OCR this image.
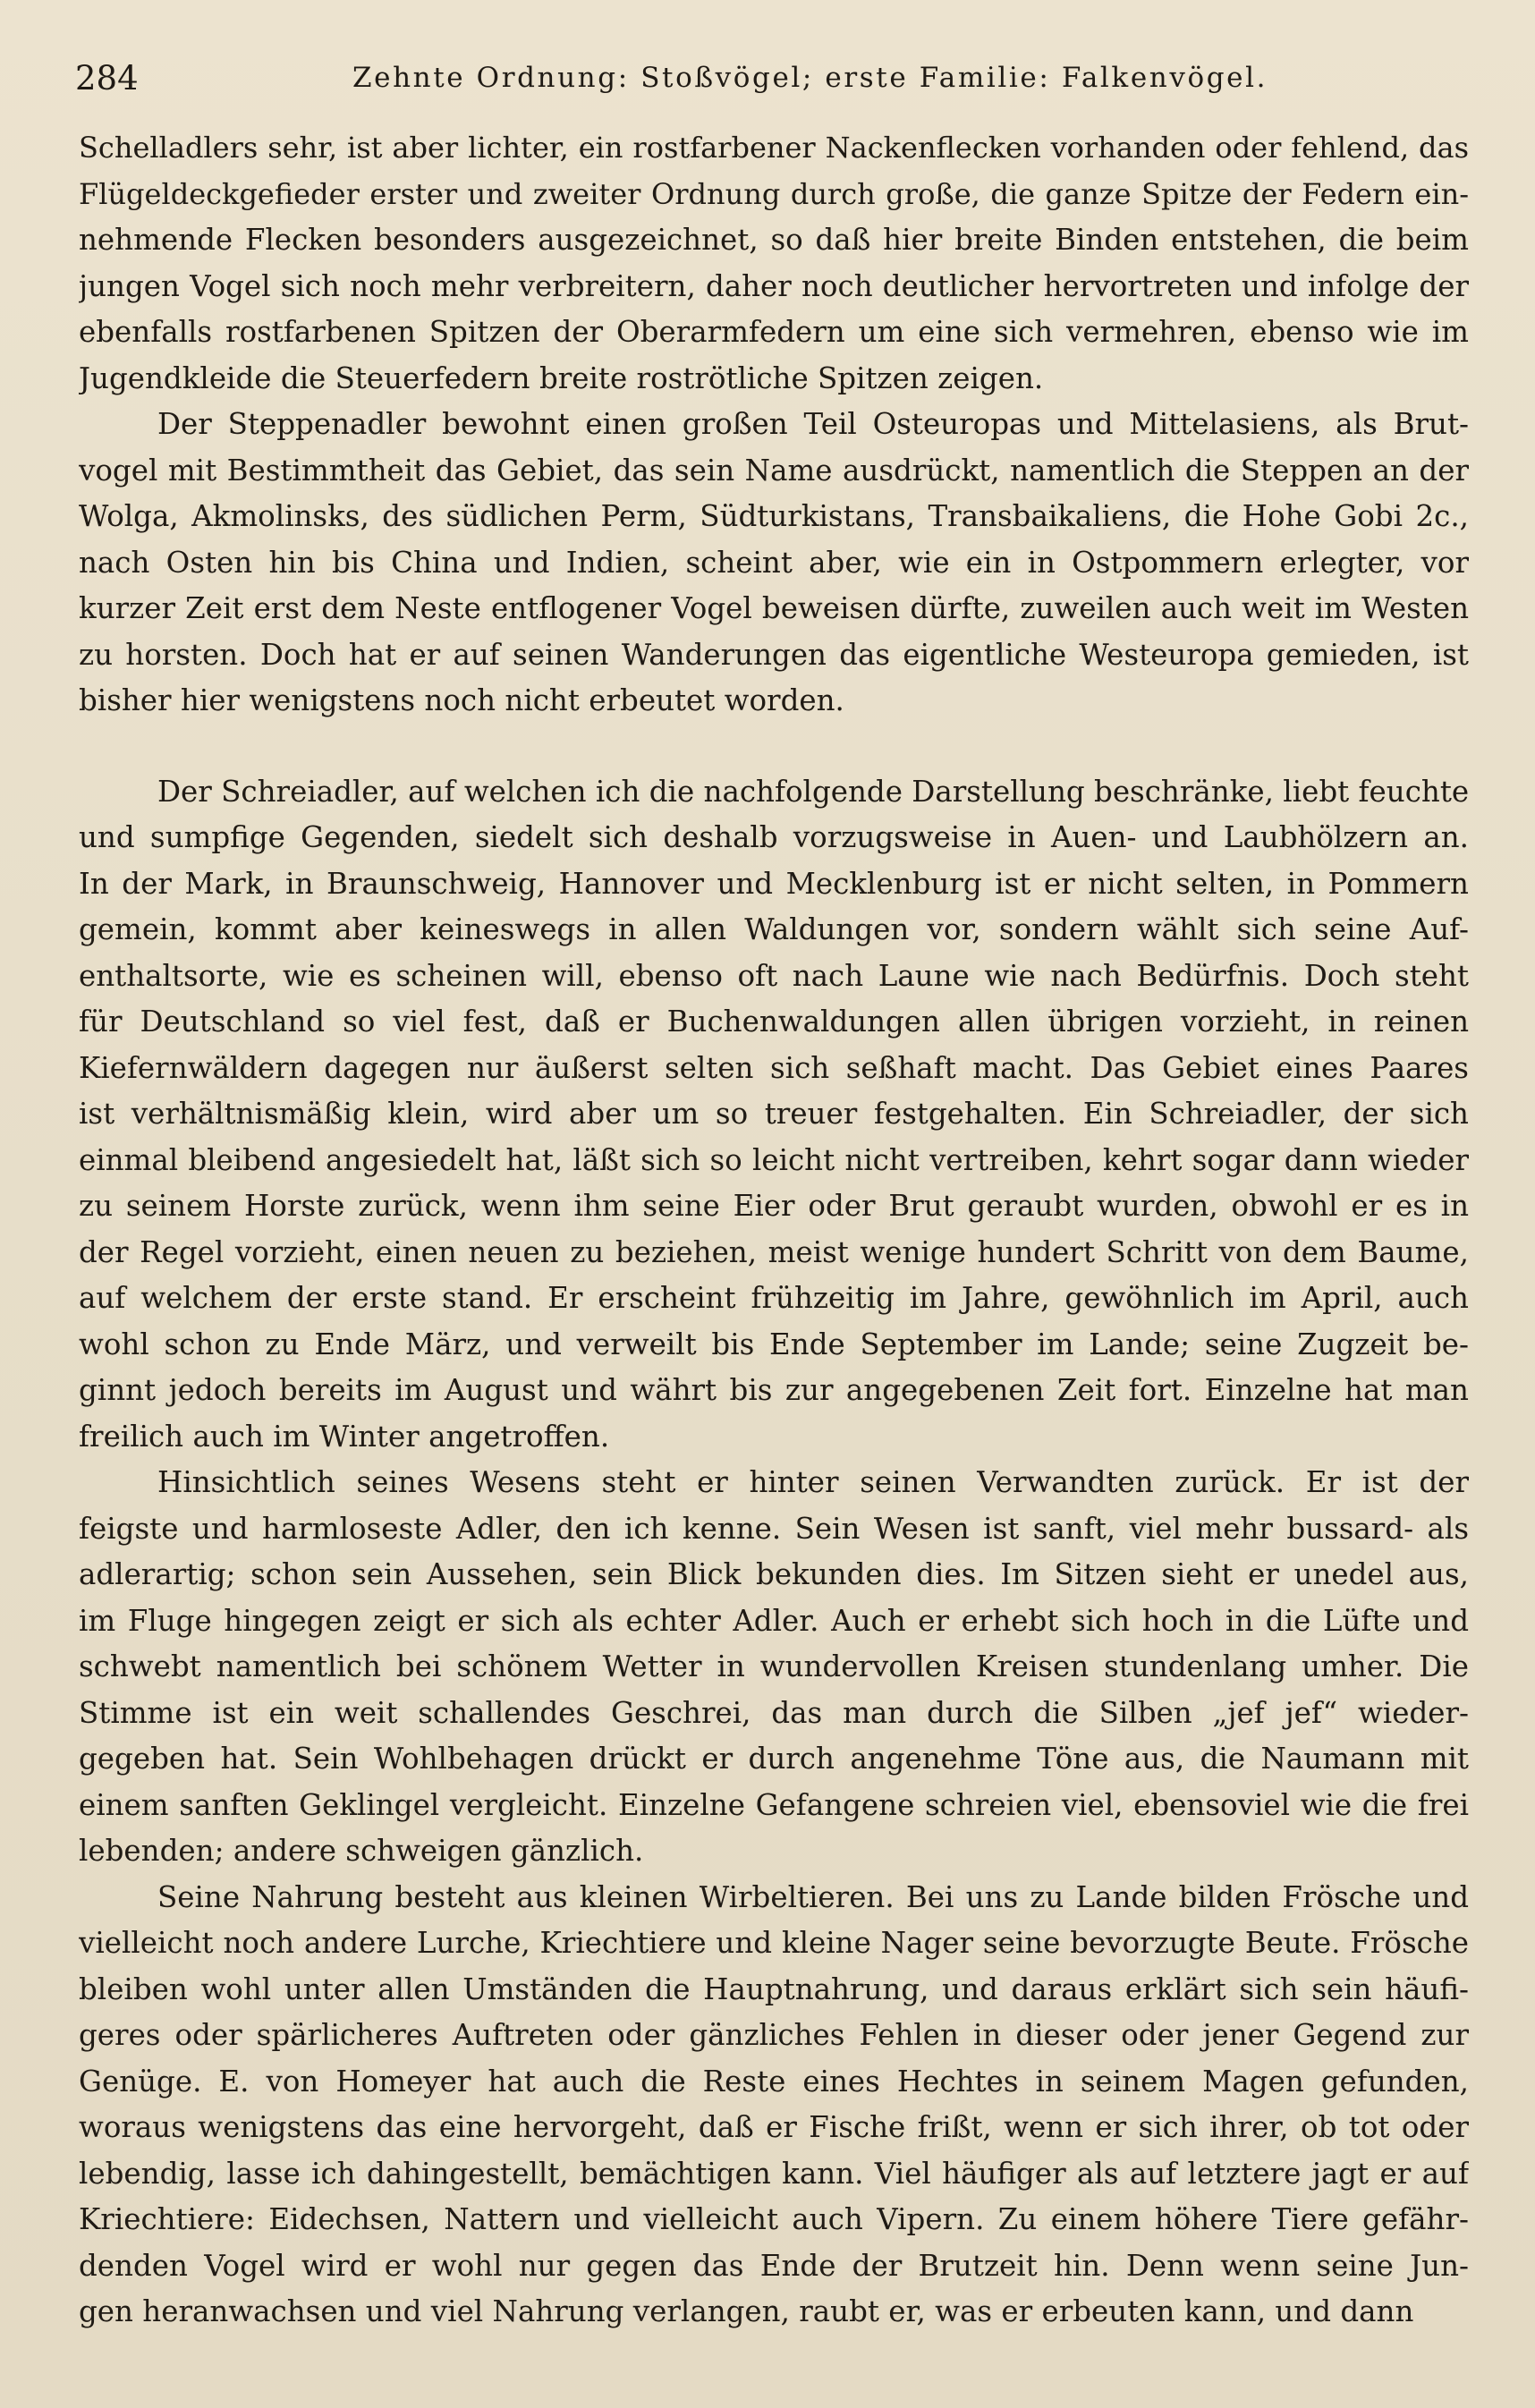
284	Zehnte Ordnung: Stoßvögel; erste Familie: Falkenvögel.
Schelladlers sehr, ist aber lichter, ein rostfarbener Nackenflecken vorhanden oder fehlend, das
Flügeldeckgefieder erster und zweiter Ordnung durch große, die ganze Spitze der Federn ein-
nehmende Flecken besonders ausgezeichnet, so daß hier breite Binden entstehen, die beim
jungen Vogel sich noch mehr verbreitern, daher noch deutlicher hervortreten und infolge der
ebenfalls rostfarbenen Spitzen der Oberarmfedern um eine sich vermehren, ebenso wie im
Jugendkleide die Steuerfedern breite roströtliche Spitzen zeigen.
Der Steppenadler bewohnt einen großen Teil Osteuropas und Mittelasiens, als Brut-
vogel mit Bestimmtheit das Gebiet, das sein Name ausdrückt, namentlich die Steppen an der
Wolga, Akmolinsks, des südlichen Perm, Südturkistans, Transbaikaliens, die Hohe Gobi 2c.,
nach Osten hin bis China und Indien, scheint aber, wie ein in Ostpommern erlegter, vor
kurzer Zeit erst dem Neste entflogener Vogel beweisen dürfte, zuweilen auch weit im Westen
zu horsten. Doch hat er auf seinen Wanderungen das eigentliche Westeuropa gemieden, ist
bisher hier wenigstens noch nicht erbeutet worden.
Der Schreiadler, auf welchen ich die nachfolgende Darstellung beschränke, liebt feuchte
und sumpfige Gegenden, siedelt sich deshalb vorzugsweise in Auen- und Laubhölzern an.
In der Mark, in Braunschweig, Hannover und Mecklenburg ist er nicht selten, in Pommern
gemein, kommt aber keineswegs in allen Waldungen vor, sondern wählt sich seine Auf-
enthaltsorte, wie es scheinen will, ebenso oft nach Laune wie nach Bedürfnis. Doch steht
für Deutschland so viel fest, daß er Buchenwaldungen allen übrigen vorzieht, in reinen
Kiefernwäldern dagegen nur äußerst selten sich seßhaft macht. Das Gebiet eines Paares
ist verhältnismäßig klein, wird aber um so treuer festgehalten. Ein Schreiadler, der sich
einmal bleibend angesiedelt hat, läßt sich so leicht nicht vertreiben, kehrt sogar dann wieder
zu seinem Horste zurück, wenn ihm seine Eier oder Brut geraubt wurden, obwohl er es in
der Regel vorzieht, einen neuen zu beziehen, meist wenige hundert Schritt von dem Baume,
auf welchem der erste stand. Er erscheint frühzeitig im Jahre, gewöhnlich im April, auch
wohl schon zu Ende März, und verweilt bis Ende September im Lande; seine Zugzeit be-
ginnt jedoch bereits im August und währt bis zur angegebenen Zeit fort. Einzelne hat man
freilich auch im Winter angetroffen.
Hinsichtlich seines Wesens steht er hinter seinen Verwandten zurück. Er ist der
feigste und harmloseste Adler, den ich kenne. Sein Wesen ist sanft, viel mehr bussard- als
adlerartig; schon sein Aussehen, sein Blick bekunden dies. Im Sitzen sieht er unedel aus,
im Fluge hingegen zeigt er sich als echter Adler. Auch er erhebt sich hoch in die Lüfte und
schwebt namentlich bei schönem Wetter in wundervollen Kreisen stundenlang umher. Die
Stimme ist ein weit schallendes Geschrei, das man durch die Silben „jef jef“ wieder-
gegeben hat. Sein Wohlbehagen drückt er durch angenehme Töne aus, die Naumann mit
einem sanften Geklingel vergleicht. Einzelne Gefangene schreien viel, ebensoviel wie die frei
lebenden; andere schweigen gänzlich.
Seine Nahrung besteht aus kleinen Wirbeltieren. Bei uns zu Lande bilden Frösche und
vielleicht noch andere Lurche, Kriechtiere und kleine Nager seine bevorzugte Beute. Frösche
bleiben wohl unter allen Umständen die Hauptnahrung, und daraus erklärt sich sein häufi-
geres oder spärlicheres Auftreten oder gänzliches Fehlen in dieser oder jener Gegend zur
Genüge. E. von Homeyer hat auch die Reste eines Hechtes in seinem Magen gefunden,
woraus wenigstens das eine hervorgeht, daß er Fische frißt, wenn er sich ihrer, ob tot oder
lebendig, lasse ich dahingestellt, bemächtigen kann. Viel häufiger als auf letztere jagt er auf
Kriechtiere: Eidechsen, Nattern und vielleicht auch Vipern. Zu einem höhere Tiere gefähr-
denden Vogel wird er wohl nur gegen das Ende der Brutzeit hin. Denn wenn seine Jun-
gen heranwachsen und viel Nahrung verlangen, raubt er, was er erbeuten kann, und dann
